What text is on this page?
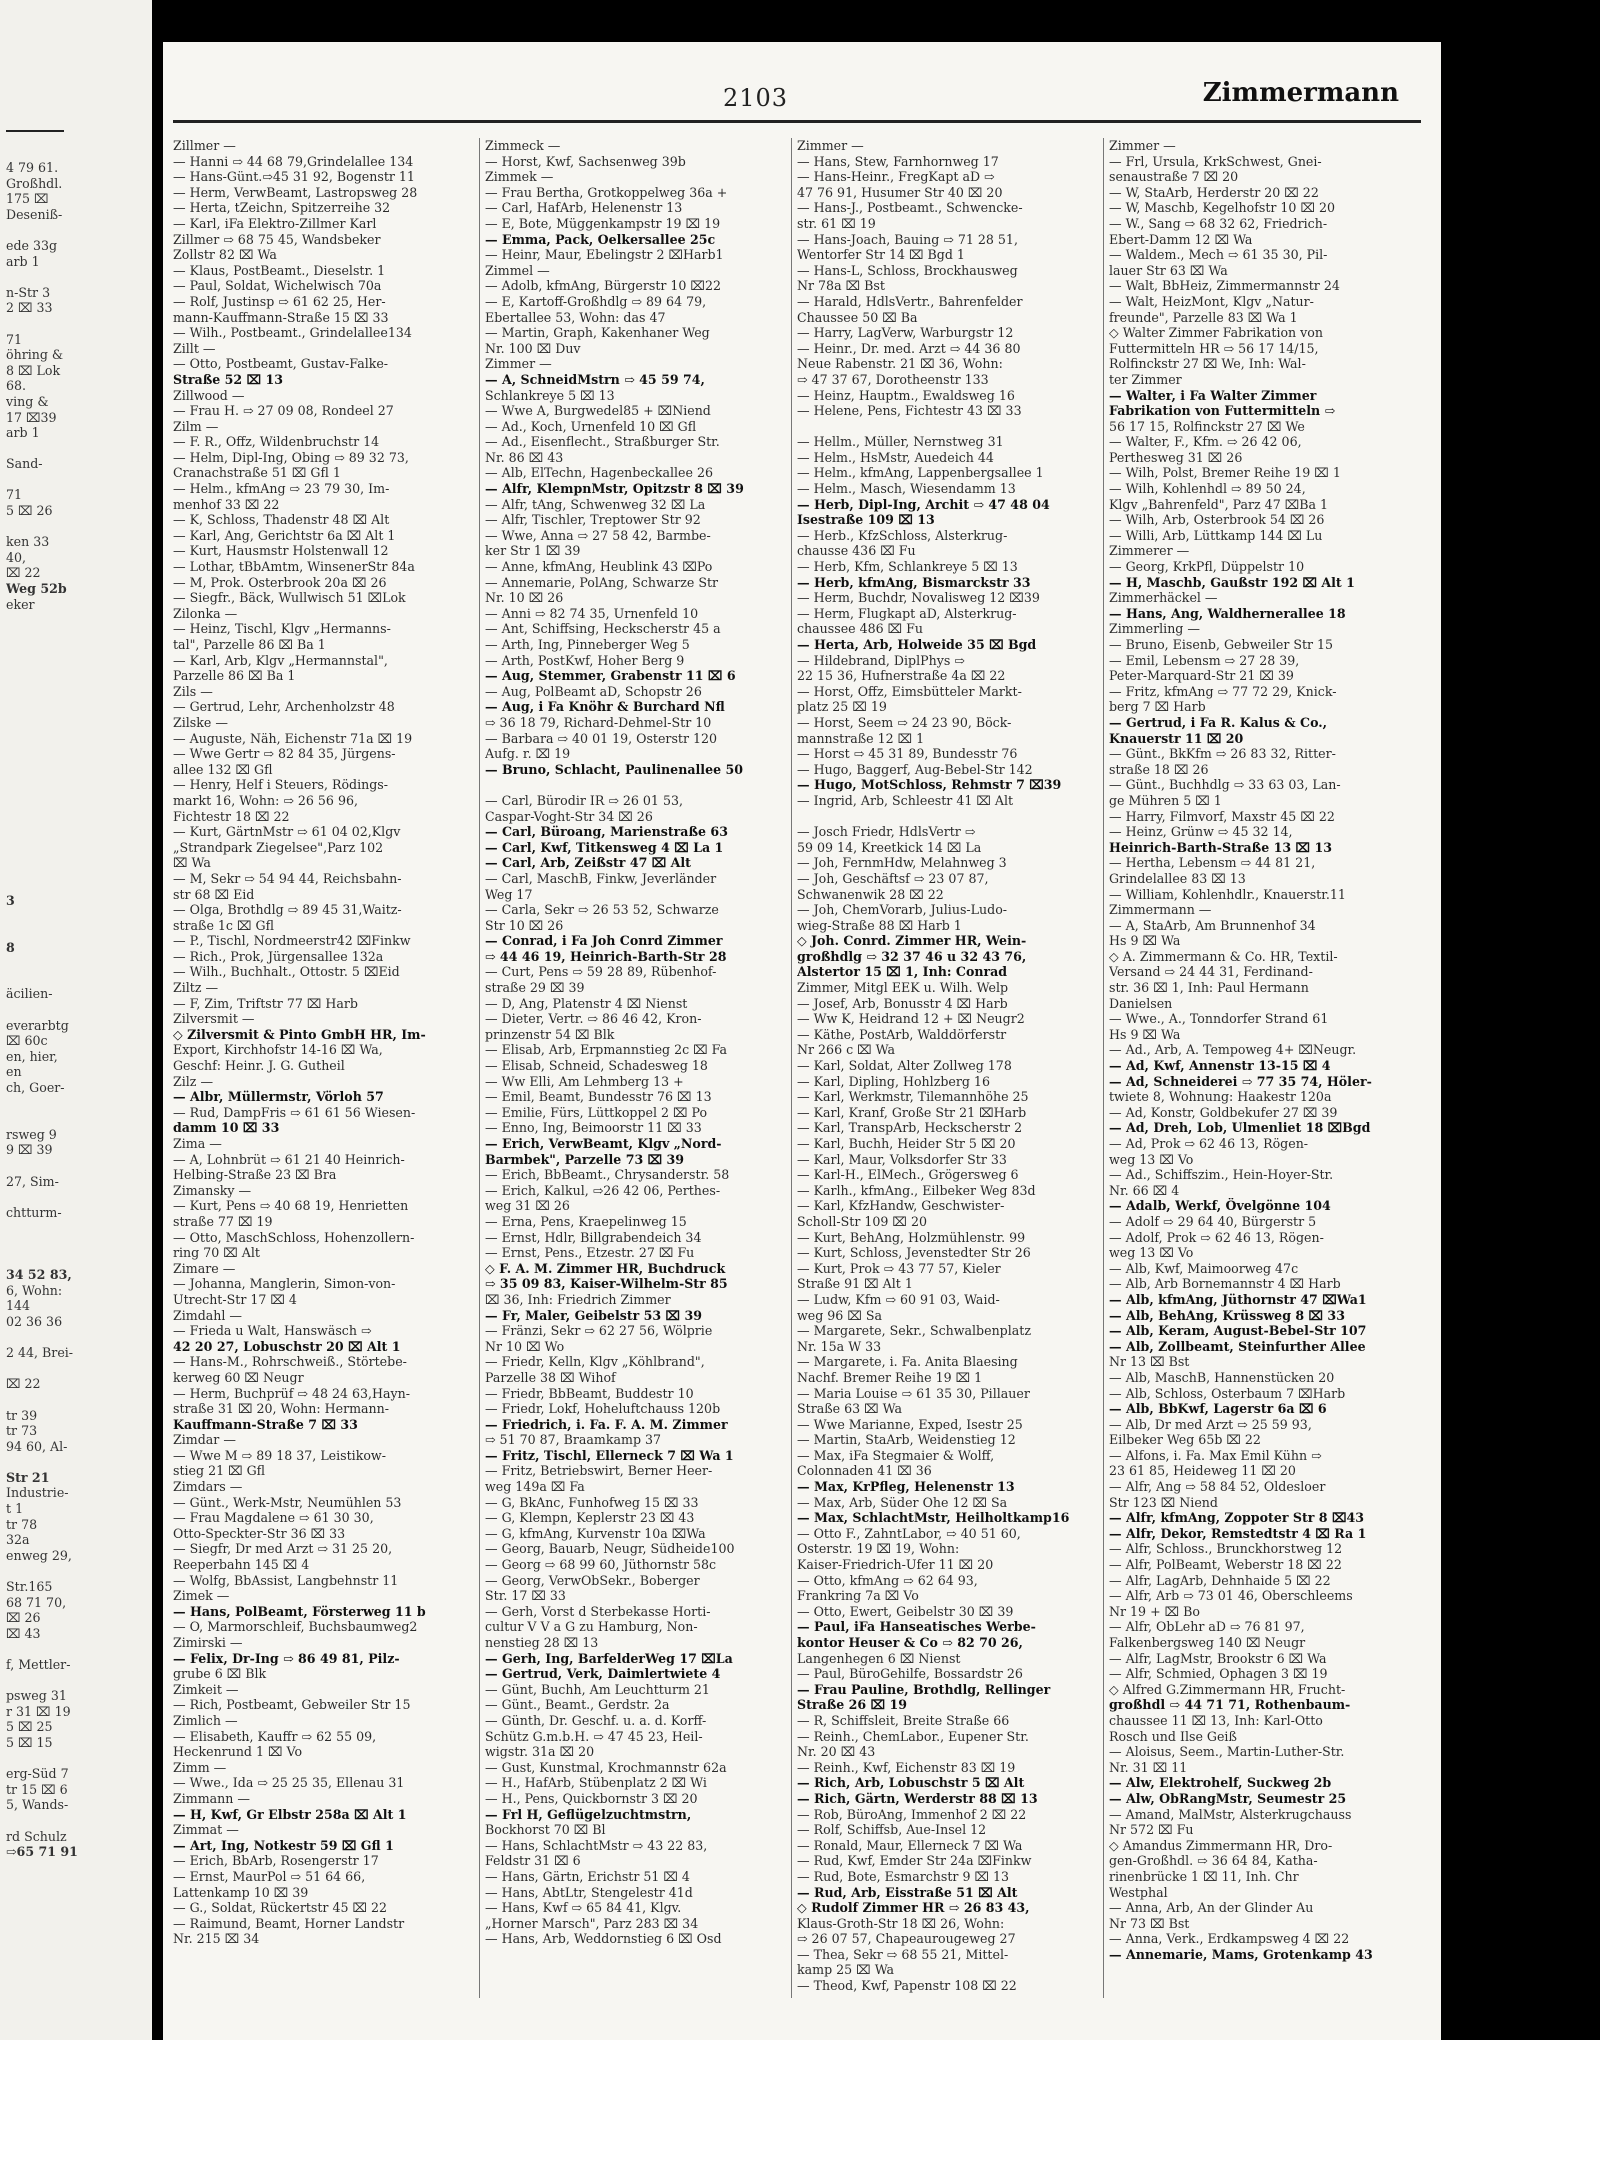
4 79 61.
Großhdl.
175 ⌧
Deseniß-

ede 33g
arb 1

n-Str 3
2 ⌧ 33

71
öhring &
8 ⌧ Lok
68.
ving &
17 ⌧39
arb 1

Sand-

71
5 ⌧ 26

ken 33
40,
⌧ 22
Weg 52b
eker

3

8

äcilien-

everarbtg
⌧ 60c
en, hier,
en
ch, Goer-

rsweg 9
9 ⌧ 39

27, Sim-

chtturm-

34 52 83,
6, Wohn:
144
02 36 36

2 44, Brei-

⌧ 22

tr 39
tr 73
94 60, Al-

Str 21
Industrie-
t 1
tr 78
32a
enweg 29,

Str.165
68 71 70,
⌧ 26
⌧ 43

f, Mettler-

psweg 31
r 31 ⌧ 19
5 ⌧ 25
5 ⌧ 15

erg-Süd 7
tr 15 ⌧ 6
5, Wands-

rd Schulz
⇨65 71 91
2103	Zimmermann
Zillmer —
— Hanni ⇨ 44 68 79,Grindelallee 134
— Hans-Günt.⇨45 31 92, Bogenstr 11
— Herm, VerwBeamt, Lastropsweg 28
— Herta, tZeichn, Spitzerreihe 32
— Karl, iFa Elektro-Zillmer Karl
Zillmer ⇨ 68 75 45, Wandsbeker
Zollstr 82 ⌧ Wa
— Klaus, PostBeamt., Dieselstr. 1
— Paul, Soldat, Wichelwisch 70a
— Rolf, Justinsp ⇨ 61 62 25, Her-
mann-Kauffmann-Straße 15 ⌧ 33
— Wilh., Postbeamt., Grindelallee134
Zillt —
— Otto, Postbeamt, Gustav-Falke-
Straße 52 ⌧ 13
Zillwood —
— Frau H. ⇨ 27 09 08, Rondeel 27
Zilm —
— F. R., Offz, Wildenbruchstr 14
— Helm, Dipl-Ing, Obing ⇨ 89 32 73,
Cranachstraße 51 ⌧ Gfl 1
— Helm., kfmAng ⇨ 23 79 30, Im-
menhof 33 ⌧ 22
— K, Schloss, Thadenstr 48 ⌧ Alt
— Karl, Ang, Gerichtstr 6a ⌧ Alt 1
— Kurt, Hausmstr Holstenwall 12
— Lothar, tBbAmtm, WinsenerStr 84a
— M, Prok. Osterbrook 20a ⌧ 26
— Siegfr., Bäck, Wullwisch 51 ⌧Lok
Zilonka —
— Heinz, Tischl, Klgv „Hermanns-
tal", Parzelle 86 ⌧ Ba 1
— Karl, Arb, Klgv „Hermannstal",
Parzelle 86 ⌧ Ba 1
Zils —
— Gertrud, Lehr, Archenholzstr 48
Zilske —
— Auguste, Näh, Eichenstr 71a ⌧ 19
— Wwe Gertr ⇨ 82 84 35, Jürgens-
allee 132 ⌧ Gfl
— Henry, Helf i Steuers, Rödings-
markt 16, Wohn: ⇨ 26 56 96,
Fichtestr 18 ⌧ 22
— Kurt, GärtnMstr ⇨ 61 04 02,Klgv
„Strandpark Ziegelsee",Parz 102
⌧ Wa
— M, Sekr ⇨ 54 94 44, Reichsbahn-
str 68 ⌧ Eid
— Olga, Brothdlg ⇨ 89 45 31,Waitz-
straße 1c ⌧ Gfl
— P., Tischl, Nordmeerstr42 ⌧Finkw
— Rich., Prok, Jürgensallee 132a
— Wilh., Buchhalt., Ottostr. 5 ⌧Eid
Ziltz —
— F, Zim, Triftstr 77 ⌧ Harb
Zilversmit —
◇ Zilversmit & Pinto GmbH HR, Im-
Export, Kirchhofstr 14-16 ⌧ Wa,
Geschf: Heinr. J. G. Gutheil
Zilz —
— Albr, Müllermstr, Vörloh 57
— Rud, DampFris ⇨ 61 61 56 Wiesen-
damm 10 ⌧ 33
Zima —
— A, Lohnbrüt ⇨ 61 21 40 Heinrich-
Helbing-Straße 23 ⌧ Bra
Zimansky —
— Kurt, Pens ⇨ 40 68 19, Henrietten
straße 77 ⌧ 19
— Otto, MaschSchloss, Hohenzollern-
ring 70 ⌧ Alt
Zimare —
— Johanna, Manglerin, Simon-von-
Utrecht-Str 17 ⌧ 4
Zimdahl —
— Frieda u Walt, Hanswäsch ⇨
42 20 27, Lobuschstr 20 ⌧ Alt 1
— Hans-M., Rohrschweiß., Störtebe-
kerweg 60 ⌧ Neugr
— Herm, Buchprüf ⇨ 48 24 63,Hayn-
straße 31 ⌧ 20, Wohn: Hermann-
Kauffmann-Straße 7 ⌧ 33
Zimdar —
— Wwe M ⇨ 89 18 37, Leistikow-
stieg 21 ⌧ Gfl
Zimdars —
— Günt., Werk-Mstr, Neumühlen 53
— Frau Magdalene ⇨ 61 30 30,
Otto-Speckter-Str 36 ⌧ 33
— Siegfr, Dr med Arzt ⇨ 31 25 20,
Reeperbahn 145 ⌧ 4
— Wolfg, BbAssist, Langbehnstr 11
Zimek —
— Hans, PolBeamt, Försterweg 11 b
— O, Marmorschleif, Buchsbaumweg2
Zimirski —
— Felix, Dr-Ing ⇨ 86 49 81, Pilz-
grube 6 ⌧ Blk
Zimkeit —
— Rich, Postbeamt, Gebweiler Str 15
Zimlich —
— Elisabeth, Kauffr ⇨ 62 55 09,
Heckenrund 1 ⌧ Vo
Zimm —
— Wwe., Ida ⇨ 25 25 35, Ellenau 31
Zimmann —
— H, Kwf, Gr Elbstr 258a ⌧ Alt 1
Zimmat —
— Art, Ing, Notkestr 59 ⌧ Gfl 1
— Erich, BbArb, Rosengerstr 17
— Ernst, MaurPol ⇨ 51 64 66,
Lattenkamp 10 ⌧ 39
— G., Soldat, Rückertstr 45 ⌧ 22
— Raimund, Beamt, Horner Landstr
Nr. 215 ⌧ 34
Zimmeck —
— Horst, Kwf, Sachsenweg 39b
Zimmek —
— Frau Bertha, Grotkoppelweg 36a +
— Carl, HafArb, Helenenstr 13
— E, Bote, Müggenkampstr 19 ⌧ 19
— Emma, Pack, Oelkersallee 25c
— Heinr, Maur, Ebelingstr 2 ⌧Harb1
Zimmel —
— Adolb, kfmAng, Bürgerstr 10 ⌧22
— E, Kartoff-Großhdlg ⇨ 89 64 79,
Ebertallee 53, Wohn: das 47
— Martin, Graph, Kakenhaner Weg
Nr. 100 ⌧ Duv
Zimmer —
— A, SchneidMstrn ⇨ 45 59 74,
Schlankreye 5 ⌧ 13
— Wwe A, Burgwedel85 + ⌧Niend
— Ad., Koch, Urnenfeld 10 ⌧ Gfl
— Ad., Eisenflecht., Straßburger Str.
Nr. 86 ⌧ 43
— Alb, ElTechn, Hagenbeckallee 26
— Alfr, KlempnMstr, Opitzstr 8 ⌧ 39
— Alfr, tAng, Schwenweg 32 ⌧ La
— Alfr, Tischler, Treptower Str 92
— Wwe, Anna ⇨ 27 58 42, Barmbe-
ker Str 1 ⌧ 39
— Anne, kfmAng, Heublink 43 ⌧Po
— Annemarie, PolAng, Schwarze Str
Nr. 10 ⌧ 26
— Anni ⇨ 82 74 35, Urnenfeld 10
— Ant, Schiffsing, Heckscherstr 45 a
— Arth, Ing, Pinneberger Weg 5
— Arth, PostKwf, Hoher Berg 9
— Aug, Stemmer, Grabenstr 11 ⌧ 6
— Aug, PolBeamt aD, Schopstr 26
— Aug, i Fa Knöhr & Burchard Nfl
⇨ 36 18 79, Richard-Dehmel-Str 10
— Barbara ⇨ 40 01 19, Osterstr 120
Aufg. r. ⌧ 19
— Bruno, Schlacht, Paulinenallee 50

— Carl, Bürodir IR ⇨ 26 01 53,
Caspar-Voght-Str 34 ⌧ 26
— Carl, Büroang, Marienstraße 63
— Carl, Kwf, Titkensweg 4 ⌧ La 1
— Carl, Arb, Zeißstr 47 ⌧ Alt
— Carl, MaschB, Finkw, Jeverländer
Weg 17
— Carla, Sekr ⇨ 26 53 52, Schwarze
Str 10 ⌧ 26
— Conrad, i Fa Joh Conrd Zimmer
⇨ 44 46 19, Heinrich-Barth-Str 28
— Curt, Pens ⇨ 59 28 89, Rübenhof-
straße 29 ⌧ 39
— D, Ang, Platenstr 4 ⌧ Nienst
— Dieter, Vertr. ⇨ 86 46 42, Kron-
prinzenstr 54 ⌧ Blk
— Elisab, Arb, Erpmannstieg 2c ⌧ Fa
— Elisab, Schneid, Schadesweg 18
— Ww Elli, Am Lehmberg 13 +
— Emil, Beamt, Bundesstr 76 ⌧ 13
— Emilie, Fürs, Lüttkoppel 2 ⌧ Po
— Enno, Ing, Beimoorstr 11 ⌧ 33
— Erich, VerwBeamt, Klgv „Nord-
Barmbek", Parzelle 73 ⌧ 39
— Erich, BbBeamt., Chrysanderstr. 58
— Erich, Kalkul, ⇨26 42 06, Perthes-
weg 31 ⌧ 26
— Erna, Pens, Kraepelinweg 15
— Ernst, Hdlr, Billgrabendeich 34
— Ernst, Pens., Etzestr. 27 ⌧ Fu
◇ F. A. M. Zimmer HR, Buchdruck
⇨ 35 09 83, Kaiser-Wilhelm-Str 85
⌧ 36, Inh: Friedrich Zimmer
— Fr, Maler, Geibelstr 53 ⌧ 39
— Fränzi, Sekr ⇨ 62 27 56, Wölprie
Nr 10 ⌧ Wo
— Friedr, Kelln, Klgv „Köhlbrand",
Parzelle 38 ⌧ Wihof
— Friedr, BbBeamt, Buddestr 10
— Friedr, Lokf, Hoheluftchauss 120b
— Friedrich, i. Fa. F. A. M. Zimmer
⇨ 51 70 87, Braamkamp 37
— Fritz, Tischl, Ellerneck 7 ⌧ Wa 1
— Fritz, Betriebswirt, Berner Heer-
weg 149a ⌧ Fa
— G, BkAnc, Funhofweg 15 ⌧ 33
— G, Klempn, Keplerstr 23 ⌧ 43
— G, kfmAng, Kurvenstr 10a ⌧Wa
— Georg, Bauarb, Neugr, Südheide100
— Georg ⇨ 68 99 60, Jüthornstr 58c
— Georg, VerwObSekr., Boberger
Str. 17 ⌧ 33
— Gerh, Vorst d Sterbekasse Horti-
cultur V V a G zu Hamburg, Non-
nenstieg 28 ⌧ 13
— Gerh, Ing, BarfelderWeg 17 ⌧La
— Gertrud, Verk, Daimlertwiete 4
— Günt, Buchh, Am Leuchtturm 21
— Günt., Beamt., Gerdstr. 2a
— Günth, Dr. Geschf. u. a. d. Korff-
Schütz G.m.b.H. ⇨ 47 45 23, Heil-
wigstr. 31a ⌧ 20
— Gust, Kunstmal, Krochmannstr 62a
— H., HafArb, Stübenplatz 2 ⌧ Wi
— H., Pens, Quickbornstr 3 ⌧ 20
— Frl H, Geflügelzuchtmstrn,
Bockhorst 70 ⌧ Bl
— Hans, SchlachtMstr ⇨ 43 22 83,
Feldstr 31 ⌧ 6
— Hans, Gärtn, Erichstr 51 ⌧ 4
— Hans, AbtLtr, Stengelestr 41d
— Hans, Kwf ⇨ 65 84 41, Klgv.
„Horner Marsch", Parz 283 ⌧ 34
— Hans, Arb, Weddornstieg 6 ⌧ Osd
Zimmer —
— Hans, Stew, Farnhornweg 17
— Hans-Heinr., FregKapt aD ⇨
47 76 91, Husumer Str 40 ⌧ 20
— Hans-J., Postbeamt., Schwencke-
str. 61 ⌧ 19
— Hans-Joach, Bauing ⇨ 71 28 51,
Wentorfer Str 14 ⌧ Bgd 1
— Hans-L, Schloss, Brockhausweg
Nr 78a ⌧ Bst
— Harald, HdlsVertr., Bahrenfelder
Chaussee 50 ⌧ Ba
— Harry, LagVerw, Warburgstr 12
— Heinr., Dr. med. Arzt ⇨ 44 36 80
Neue Rabenstr. 21 ⌧ 36, Wohn:
⇨ 47 37 67, Dorotheenstr 133
— Heinz, Hauptm., Ewaldsweg 16
— Helene, Pens, Fichtestr 43 ⌧ 33

— Hellm., Müller, Nernstweg 31
— Helm., HsMstr, Auedeich 44
— Helm., kfmAng, Lappenbergsallee 1
— Helm., Masch, Wiesendamm 13
— Herb, Dipl-Ing, Archit ⇨ 47 48 04
Isestraße 109 ⌧ 13
— Herb., KfzSchloss, Alsterkrug-
chausse 436 ⌧ Fu
— Herb, Kfm, Schlankreye 5 ⌧ 13
— Herb, kfmAng, Bismarckstr 33
— Herm, Buchdr, Novalisweg 12 ⌧39
— Herm, Flugkapt aD, Alsterkrug-
chaussee 486 ⌧ Fu
— Herta, Arb, Holweide 35 ⌧ Bgd
— Hildebrand, DiplPhys ⇨
22 15 36, Hufnerstraße 4a ⌧ 22
— Horst, Offz, Eimsbütteler Markt-
platz 25 ⌧ 19
— Horst, Seem ⇨ 24 23 90, Böck-
mannstraße 12 ⌧ 1
— Horst ⇨ 45 31 89, Bundesstr 76
— Hugo, Baggerf, Aug-Bebel-Str 142
— Hugo, MotSchloss, Rehmstr 7 ⌧39
— Ingrid, Arb, Schleestr 41 ⌧ Alt

— Josch Friedr, HdlsVertr ⇨
59 09 14, Kreetkick 14 ⌧ La
— Joh, FernmHdw, Melahnweg 3
— Joh, Geschäftsf ⇨ 23 07 87,
Schwanenwik 28 ⌧ 22
— Joh, ChemVorarb, Julius-Ludo-
wieg-Straße 88 ⌧ Harb 1
◇ Joh. Conrd. Zimmer HR, Wein-
großhdlg ⇨ 32 37 46 u 32 43 76,
Alstertor 15 ⌧ 1, Inh: Conrad
Zimmer, Mitgl EEK u. Wilh. Welp
— Josef, Arb, Bonusstr 4 ⌧ Harb
— Ww K, Heidrand 12 + ⌧ Neugr2
— Käthe, PostArb, Walddörferstr
Nr 266 c ⌧ Wa
— Karl, Soldat, Alter Zollweg 178
— Karl, Dipling, Hohlzberg 16
— Karl, Werkmstr, Tilemannhöhe 25
— Karl, Kranf, Große Str 21 ⌧Harb
— Karl, TranspArb, Heckscherstr 2
— Karl, Buchh, Heider Str 5 ⌧ 20
— Karl, Maur, Volksdorfer Str 33
— Karl-H., ElMech., Grögersweg 6
— Karlh., kfmAng., Eilbeker Weg 83d
— Karl, KfzHandw, Geschwister-
Scholl-Str 109 ⌧ 20
— Kurt, BehAng, Holzmühlenstr. 99
— Kurt, Schloss, Jevenstedter Str 26
— Kurt, Prok ⇨ 43 77 57, Kieler
Straße 91 ⌧ Alt 1
— Ludw, Kfm ⇨ 60 91 03, Waid-
weg 96 ⌧ Sa
— Margarete, Sekr., Schwalbenplatz
Nr. 15a W 33
— Margarete, i. Fa. Anita Blaesing
Nachf. Bremer Reihe 19 ⌧ 1
— Maria Louise ⇨ 61 35 30, Pillauer
Straße 63 ⌧ Wa
— Wwe Marianne, Exped, Isestr 25
— Martin, StaArb, Weidenstieg 12
— Max, iFa Stegmaier & Wolff,
Colonnaden 41 ⌧ 36
— Max, KrPfleg, Helenenstr 13
— Max, Arb, Süder Ohe 12 ⌧ Sa
— Max, SchlachtMstr, Heilholtkamp16
— Otto F., ZahntLabor, ⇨ 40 51 60,
Osterstr. 19 ⌧ 19, Wohn:
Kaiser-Friedrich-Ufer 11 ⌧ 20
— Otto, kfmAng ⇨ 62 64 93,
Frankring 7a ⌧ Vo
— Otto, Ewert, Geibelstr 30 ⌧ 39
— Paul, iFa Hanseatisches Werbe-
kontor Heuser & Co ⇨ 82 70 26,
Langenhegen 6 ⌧ Nienst
— Paul, BüroGehilfe, Bossardstr 26
— Frau Pauline, Brothdlg, Rellinger
Straße 26 ⌧ 19
— R, Schiffsleit, Breite Straße 66
— Reinh., ChemLabor., Eupener Str.
Nr. 20 ⌧ 43
— Reinh., Kwf, Eichenstr 83 ⌧ 19
— Rich, Arb, Lobuschstr 5 ⌧ Alt
— Rich, Gärtn, Werderstr 88 ⌧ 13
— Rob, BüroAng, Immenhof 2 ⌧ 22
— Rolf, Schiffsb, Aue-Insel 12
— Ronald, Maur, Ellerneck 7 ⌧ Wa
— Rud, Kwf, Emder Str 24a ⌧Finkw
— Rud, Bote, Esmarchstr 9 ⌧ 13
— Rud, Arb, Eisstraße 51 ⌧ Alt
◇ Rudolf Zimmer HR ⇨ 26 83 43,
Klaus-Groth-Str 18 ⌧ 26, Wohn:
⇨ 26 07 57, Chapeaurougeweg 27
— Thea, Sekr ⇨ 68 55 21, Mittel-
kamp 25 ⌧ Wa
— Theod, Kwf, Papenstr 108 ⌧ 22
Zimmer —
— Frl, Ursula, KrkSchwest, Gnei-
senaustraße 7 ⌧ 20
— W, StaArb, Herderstr 20 ⌧ 22
— W, Maschb, Kegelhofstr 10 ⌧ 20
— W., Sang ⇨ 68 32 62, Friedrich-
Ebert-Damm 12 ⌧ Wa
— Waldem., Mech ⇨ 61 35 30, Pil-
lauer Str 63 ⌧ Wa
— Walt, BbHeiz, Zimmermannstr 24
— Walt, HeizMont, Klgv „Natur-
freunde", Parzelle 83 ⌧ Wa 1
◇ Walter Zimmer Fabrikation von
Futtermitteln HR ⇨ 56 17 14/15,
Rolfinckstr 27 ⌧ We, Inh: Wal-
ter Zimmer
— Walter, i Fa Walter Zimmer
Fabrikation von Futtermitteln ⇨
56 17 15, Rolfinckstr 27 ⌧ We
— Walter, F., Kfm. ⇨ 26 42 06,
Perthesweg 31 ⌧ 26
— Wilh, Polst, Bremer Reihe 19 ⌧ 1
— Wilh, Kohlenhdl ⇨ 89 50 24,
Klgv „Bahrenfeld", Parz 47 ⌧Ba 1
— Wilh, Arb, Osterbrook 54 ⌧ 26
— Willi, Arb, Lüttkamp 144 ⌧ Lu
Zimmerer —
— Georg, KrkPfl, Düppelstr 10
— H, Maschb, Gaußstr 192 ⌧ Alt 1
Zimmerhäckel —
— Hans, Ang, Waldhernerallee 18
Zimmerling —
— Bruno, Eisenb, Gebweiler Str 15
— Emil, Lebensm ⇨ 27 28 39,
Peter-Marquard-Str 21 ⌧ 39
— Fritz, kfmAng ⇨ 77 72 29, Knick-
berg 7 ⌧ Harb
— Gertrud, i Fa R. Kalus & Co.,
Knauerstr 11 ⌧ 20
— Günt., BkKfm ⇨ 26 83 32, Ritter-
straße 18 ⌧ 26
— Günt., Buchhdlg ⇨ 33 63 03, Lan-
ge Mühren 5 ⌧ 1
— Harry, Filmvorf, Maxstr 45 ⌧ 22
— Heinz, Grünw ⇨ 45 32 14,
Heinrich-Barth-Straße 13 ⌧ 13
— Hertha, Lebensm ⇨ 44 81 21,
Grindelallee 83 ⌧ 13
— William, Kohlenhdlr., Knauerstr.11
Zimmermann —
— A, StaArb, Am Brunnenhof 34
Hs 9 ⌧ Wa
◇ A. Zimmermann & Co. HR, Textil-
Versand ⇨ 24 44 31, Ferdinand-
str. 36 ⌧ 1, Inh: Paul Hermann
Danielsen
— Wwe., A., Tonndorfer Strand 61
Hs 9 ⌧ Wa
— Ad., Arb, A. Tempoweg 4+ ⌧Neugr.
— Ad, Kwf, Annenstr 13-15 ⌧ 4
— Ad, Schneiderei ⇨ 77 35 74, Höler-
twiete 8, Wohnung: Haakestr 120a
— Ad, Konstr, Goldbekufer 27 ⌧ 39
— Ad, Dreh, Lob, Ulmenliet 18 ⌧Bgd
— Ad, Prok ⇨ 62 46 13, Rögen-
weg 13 ⌧ Vo
— Ad., Schiffszim., Hein-Hoyer-Str.
Nr. 66 ⌧ 4
— Adalb, Werkf, Övelgönne 104
— Adolf ⇨ 29 64 40, Bürgerstr 5
— Adolf, Prok ⇨ 62 46 13, Rögen-
weg 13 ⌧ Vo
— Alb, Kwf, Maimoorweg 47c
— Alb, Arb Bornemannstr 4 ⌧ Harb
— Alb, kfmAng, Jüthornstr 47 ⌧Wa1
— Alb, BehAng, Krüssweg 8 ⌧ 33
— Alb, Keram, August-Bebel-Str 107
— Alb, Zollbeamt, Steinfurther Allee
Nr 13 ⌧ Bst
— Alb, MaschB, Hannenstücken 20
— Alb, Schloss, Osterbaum 7 ⌧Harb
— Alb, BbKwf, Lagerstr 6a ⌧ 6
— Alb, Dr med Arzt ⇨ 25 59 93,
Eilbeker Weg 65b ⌧ 22
— Alfons, i. Fa. Max Emil Kühn ⇨
23 61 85, Heideweg 11 ⌧ 20
— Alfr, Ang ⇨ 58 84 52, Oldesloer
Str 123 ⌧ Niend
— Alfr, kfmAng, Zoppoter Str 8 ⌧43
— Alfr, Dekor, Remstedtstr 4 ⌧ Ra 1
— Alfr, Schloss., Brunckhorstweg 12
— Alfr, PolBeamt, Weberstr 18 ⌧ 22
— Alfr, LagArb, Dehnhaide 5 ⌧ 22
— Alfr, Arb ⇨ 73 01 46, Oberschleems
Nr 19 + ⌧ Bo
— Alfr, ObLehr aD ⇨ 76 81 97,
Falkenbergsweg 140 ⌧ Neugr
— Alfr, LagMstr, Brookstr 6 ⌧ Wa
— Alfr, Schmied, Ophagen 3 ⌧ 19
◇ Alfred G.Zimmermann HR, Frucht-
großhdl ⇨ 44 71 71, Rothenbaum-
chaussee 11 ⌧ 13, Inh: Karl-Otto
Rosch und Ilse Geiß
— Aloisus, Seem., Martin-Luther-Str.
Nr. 31 ⌧ 11
— Alw, Elektrohelf, Suckweg 2b
— Alw, ObRangMstr, Seumestr 25
— Amand, MalMstr, Alsterkrugchauss
Nr 572 ⌧ Fu
◇ Amandus Zimmermann HR, Dro-
gen-Großhdl. ⇨ 36 64 84, Katha-
rinenbrücke 1 ⌧ 11, Inh. Chr
Westphal
— Anna, Arb, An der Glinder Au
Nr 73 ⌧ Bst
— Anna, Verk., Erdkampsweg 4 ⌧ 22
— Annemarie, Mams, Grotenkamp 43
